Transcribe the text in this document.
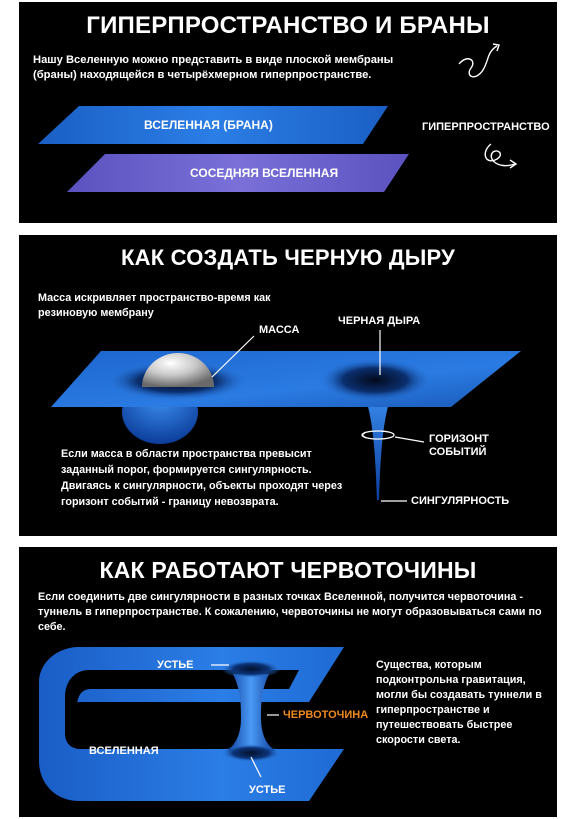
ГИПЕРПРОСТРАНСТВО И БРАНЫ
Нашу Вселенную можно представить в виде плоской мембраны (браны) находящейся в четырёхмерном гиперпространстве.
ВСЕЛЕННАЯ (БРАНА)
СОСЕДНЯЯ ВСЕЛЕННАЯ
ГИПЕРПРОСТРАНСТВО
КАК СОЗДАТЬ ЧЕРНУЮ ДЫРУ
Масса искривляет пространство-время как резиновую мембрану
МАССА
ЧЕРНАЯ ДЫРА
ГОРИЗОНТ СОБЫТИЙ
СИНГУЛЯРНОСТЬ
Если масса в области пространства превысит заданный порог, формируется сингулярность. Двигаясь к сингулярности, объекты проходят через горизонт событий - границу невозврата.
КАК РАБОТАЮТ ЧЕРВОТОЧИНЫ
Если соединить две сингулярности в разных точках Вселенной, получится червоточина - туннель в гиперпространстве. К сожалению, червоточины не могут образовываться сами по себе.
УСТЬЕ
ЧЕРВОТОЧИНА
ВСЕЛЕННАЯ
УСТЬЕ
Существа, которым подконтрольна гравитация, могли бы создавать туннели в гиперпространстве и путешествовать быстрее скорости света.
